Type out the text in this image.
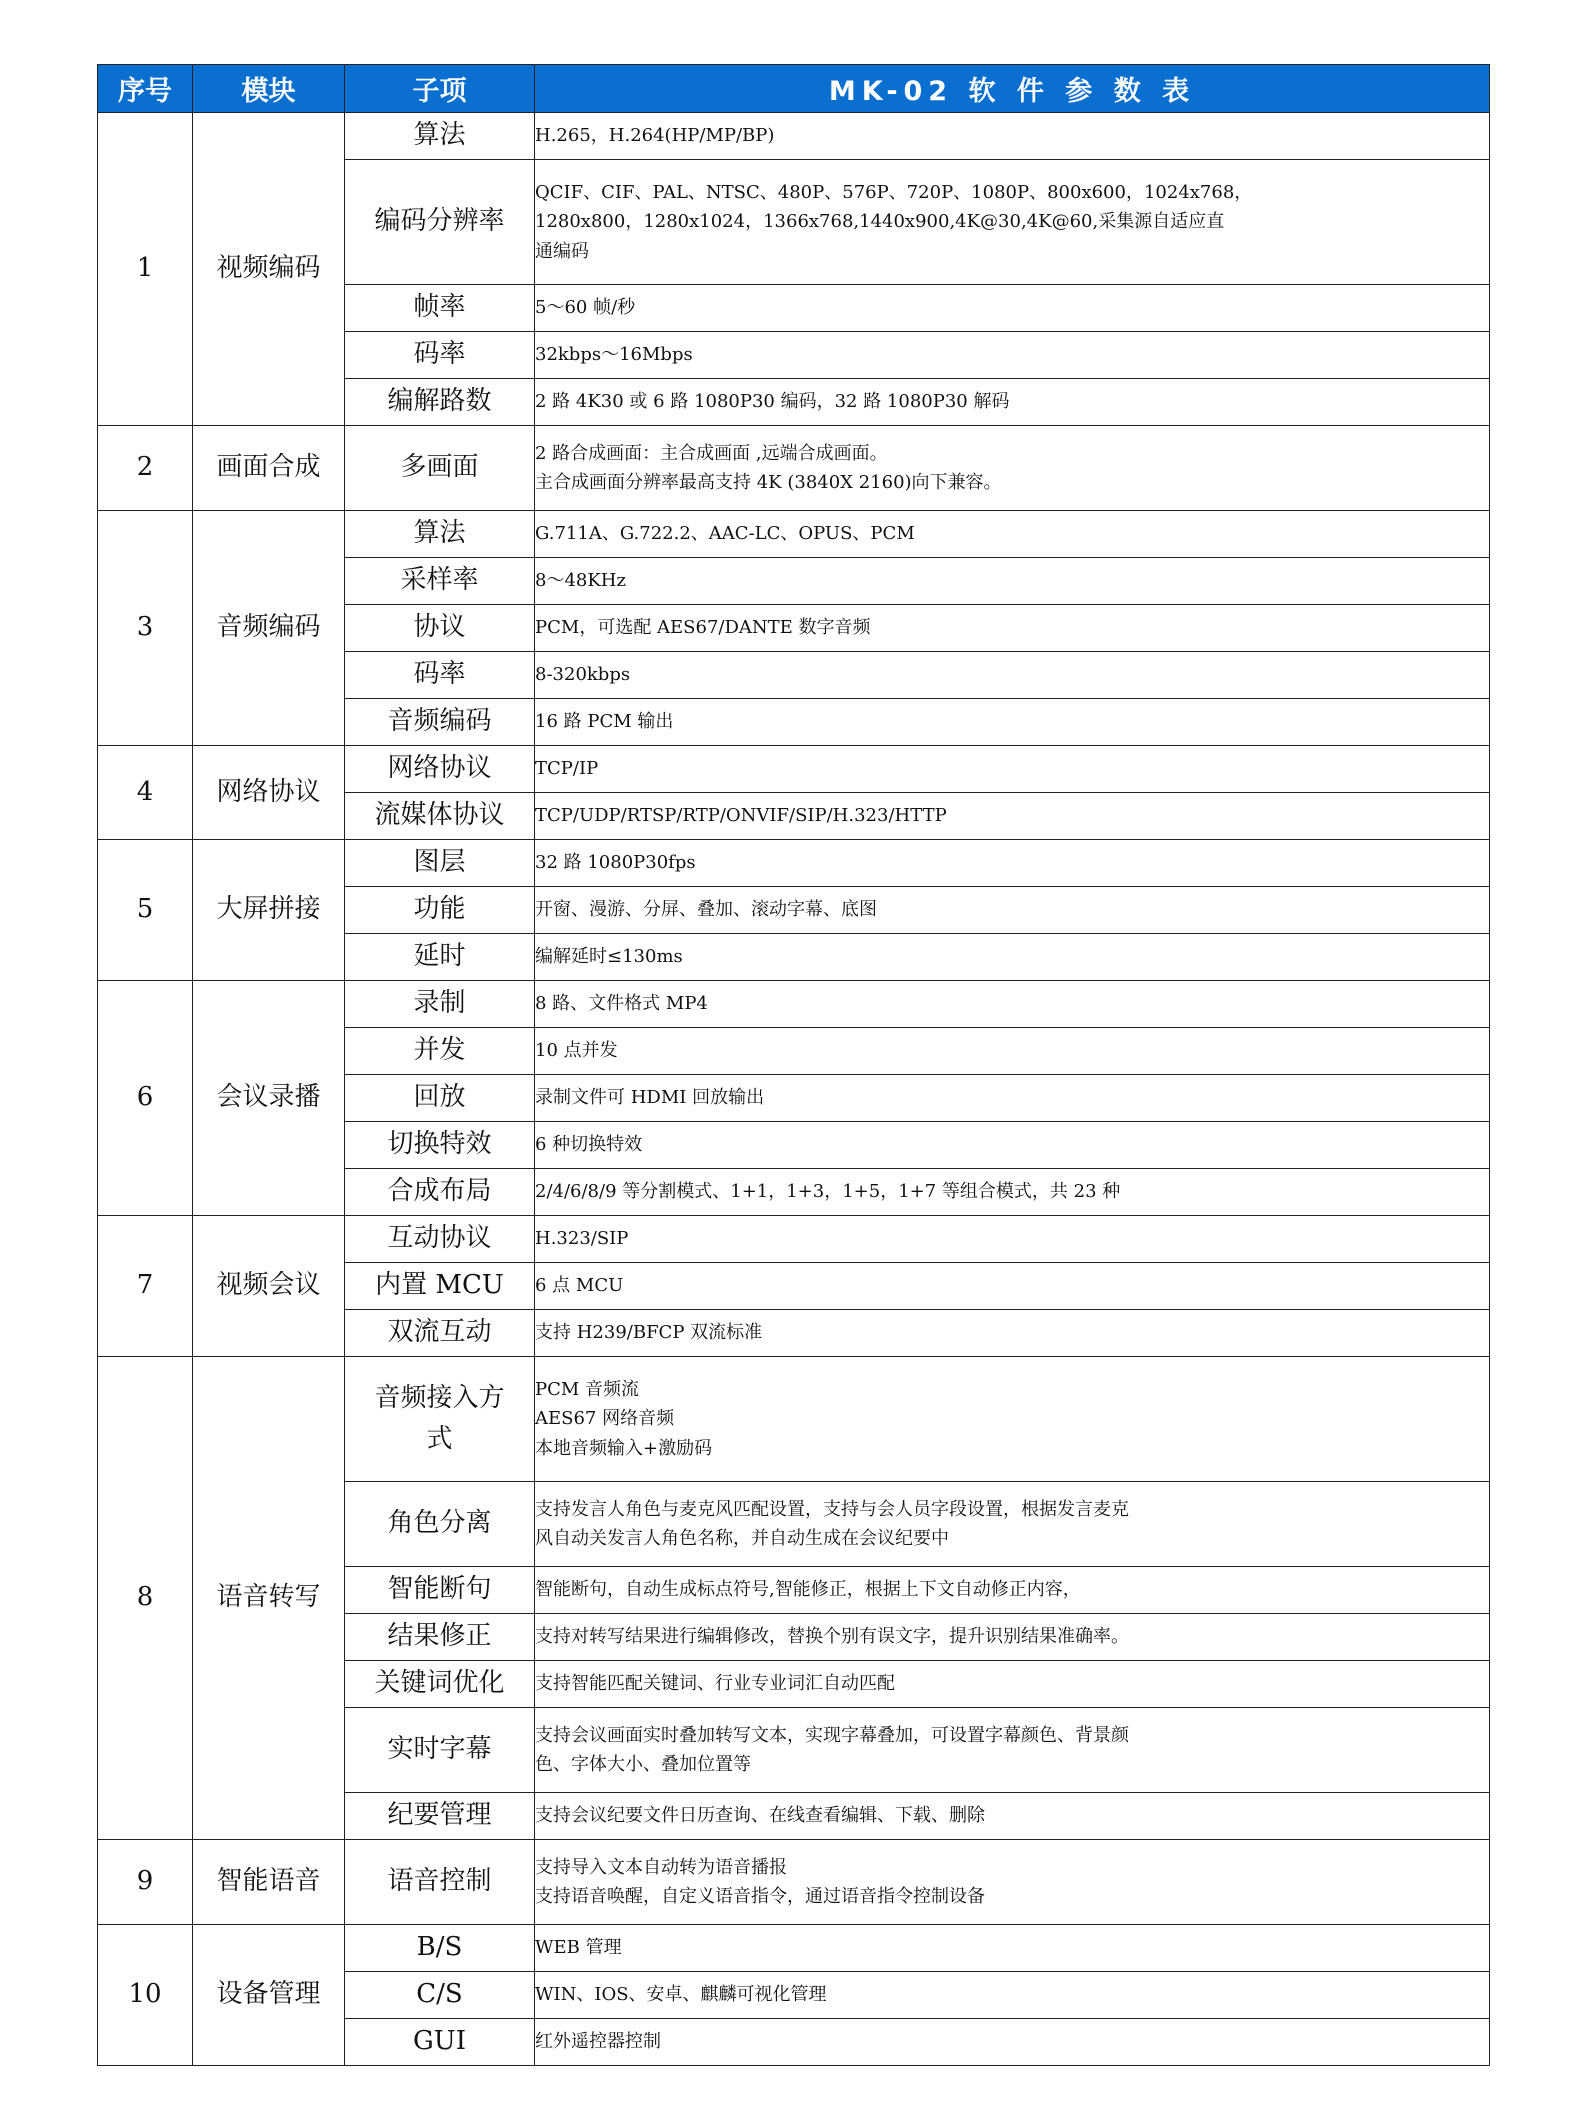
序号	模块	子项	MK-02 软 件 参 数 表
1	视频编码	算法	H.265，H.264(HP/MP/BP)

		编码分辨率	QCIF、CIF、PAL、NTSC、480P、576P、720P、1080P、800x600，1024x768，
1280x800，1280x1024，1366x768,1440x900,4K@30,4K@60,采集源自适应直
通编码

		帧率	5～60 帧/秒

		码率	32kbps～16Mbps

		编解路数	2 路 4K30 或 6 路 1080P30 编码，32 路 1080P30 解码

2	画面合成	多画面	2 路合成画面：主合成画面 ,远端合成画面。
主合成画面分辨率最高支持 4K (3840X 2160)向下兼容。

3	音频编码	算法	G.711A、G.722.2、AAC-LC、OPUS、PCM

		采样率	8～48KHz

		协议	PCM，可选配 AES67/DANTE 数字音频

		码率	8-320kbps

		音频编码	16 路 PCM 输出

4	网络协议	网络协议	TCP/IP

		流媒体协议	TCP/UDP/RTSP/RTP/ONVIF/SIP/H.323/HTTP

5	大屏拼接	图层	32 路 1080P30fps

		功能	开窗、漫游、分屏、叠加、滚动字幕、底图

		延时	编解延时≤130ms

6	会议录播	录制	8 路、文件格式 MP4

		并发	10 点并发

		回放	录制文件可 HDMI 回放输出

		切换特效	6 种切换特效

		合成布局	2/4/6/8/9 等分割模式、1+1，1+3，1+5，1+7 等组合模式，共 23 种

7	视频会议	互动协议	H.323/SIP

		内置 MCU	6 点 MCU

		双流互动	支持 H239/BFCP 双流标准

8	语音转写	音频接入方式	PCM 音频流
AES67 网络音频
本地音频输入+激励码

		角色分离	支持发言人角色与麦克风匹配设置，支持与会人员字段设置，根据发言麦克
风自动关发言人角色名称，并自动生成在会议纪要中

		智能断句	智能断句，自动生成标点符号,智能修正，根据上下文自动修正内容，

		结果修正	支持对转写结果进行编辑修改，替换个别有误文字，提升识别结果准确率。

		关键词优化	支持智能匹配关键词、行业专业词汇自动匹配

		实时字幕	支持会议画面实时叠加转写文本，实现字幕叠加，可设置字幕颜色、背景颜
色、字体大小、叠加位置等

		纪要管理	支持会议纪要文件日历查询、在线查看编辑、下载、删除

9	智能语音	语音控制	支持导入文本自动转为语音播报
支持语音唤醒，自定义语音指令，通过语音指令控制设备

10	设备管理	B/S	WEB 管理

		C/S	WIN、IOS、安卓、麒麟可视化管理

		GUI	红外遥控器控制
